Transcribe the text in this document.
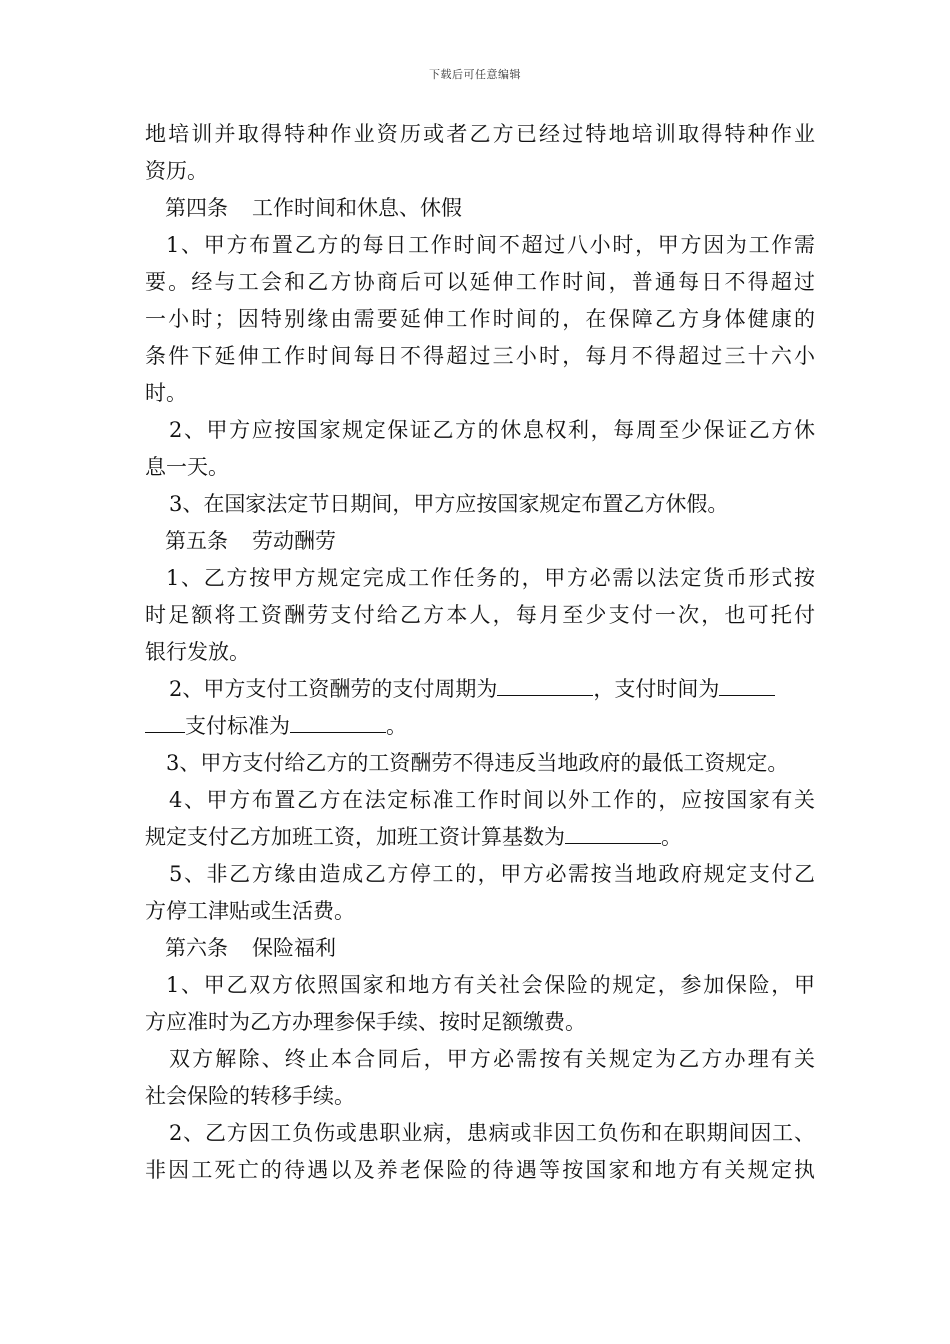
下载后可任意编辑
地培训并取得特种作业资历或者乙方已经过特地培训取得特种作业
资历。
第四条 工作时间和休息、休假
1、甲方布置乙方的每日工作时间不超过八小时，甲方因为工作需
要。经与工会和乙方协商后可以延伸工作时间，普通每日不得超过
一小时；因特别缘由需要延伸工作时间的，在保障乙方身体健康的
条件下延伸工作时间每日不得超过三小时，每月不得超过三十六小
时。
2、甲方应按国家规定保证乙方的休息权利，每周至少保证乙方休
息一天。
3、在国家法定节日期间，甲方应按国家规定布置乙方休假。
第五条 劳动酬劳
1、乙方按甲方规定完成工作任务的，甲方必需以法定货币形式按
时足额将工资酬劳支付给乙方本人，每月至少支付一次，也可托付
银行发放。
2、甲方支付工资酬劳的支付周期为	，支付时间为
支付标准为	。
3、甲方支付给乙方的工资酬劳不得违反当地政府的最低工资规定。
4、甲方布置乙方在法定标准工作时间以外工作的，应按国家有关
规定支付乙方加班工资，加班工资计算基数为	。
5、非乙方缘由造成乙方停工的，甲方必需按当地政府规定支付乙
方停工津贴或生活费。
第六条 保险福利
1、甲乙双方依照国家和地方有关社会保险的规定，参加保险，甲
方应准时为乙方办理参保手续、按时足额缴费。
双方解除、终止本合同后，甲方必需按有关规定为乙方办理有关
社会保险的转移手续。
2、乙方因工负伤或患职业病，患病或非因工负伤和在职期间因工、
非因工死亡的待遇以及养老保险的待遇等按国家和地方有关规定执
